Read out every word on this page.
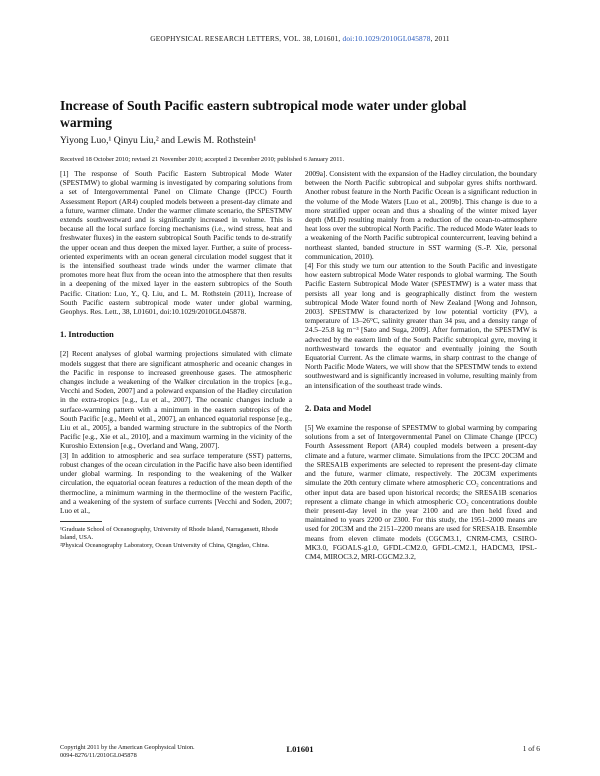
GEOPHYSICAL RESEARCH LETTERS, VOL. 38, L01601, doi:10.1029/2010GL045878, 2011
Increase of South Pacific eastern subtropical mode water under global warming
Yiyong Luo,¹ Qinyu Liu,² and Lewis M. Rothstein¹
Received 18 October 2010; revised 21 November 2010; accepted 2 December 2010; published 6 January 2011.

[1] The response of South Pacific Eastern Subtropical Mode Water (SPESTMW) to global warming is investigated by comparing solutions from a set of Intergovernmental Panel on Climate Change (IPCC) Fourth Assessment Report (AR4) coupled models between a present-day climate and a future, warmer climate. Under the warmer climate scenario, the SPESTMW extends southwestward and is significantly increased in volume. This is because all the local surface forcing mechanisms (i.e., wind stress, heat and freshwater fluxes) in the eastern subtropical South Pacific tends to de-stratify the upper ocean and thus deepen the mixed layer. Further, a suite of process-oriented experiments with an ocean general circulation model suggest that it is the intensified southeast trade winds under the warmer climate that promotes more heat flux from the ocean into the atmosphere that then results in a deepening of the mixed layer in the eastern subtropics of the South Pacific. Citation: Luo, Y., Q. Liu, and L. M. Rothstein (2011), Increase of South Pacific eastern subtropical mode water under global warming, Geophys. Res. Lett., 38, L01601, doi:10.1029/2010GL045878.

1. Introduction

[2] Recent analyses of global warming projections simulated with climate models suggest that there are significant atmospheric and oceanic changes in the Pacific in response to increased greenhouse gases. The atmospheric changes include a weakening of the Walker circulation in the tropics [e.g., Vecchi and Soden, 2007] and a poleward expansion of the Hadley circulation in the extra-tropics [e.g., Lu et al., 2007]. The oceanic changes include a surface-warming pattern with a minimum in the eastern subtropics of the South Pacific [e.g., Meehl et al., 2007], an enhanced equatorial response [e.g., Liu et al., 2005], a banded warming structure in the subtropics of the North Pacific [e.g., Xie et al., 2010], and a maximum warming in the vicinity of the Kuroshio Extension [e.g., Overland and Wang, 2007].

[3] In addition to atmospheric and sea surface temperature (SST) patterns, robust changes of the ocean circulation in the Pacific have also been identified under global warming. In responding to the weakening of the Walker circulation, the equatorial ocean features a reduction of the mean depth of the thermocline, a minimum warming in the thermocline of the western Pacific, and a weakening of the system of surface currents [Vecchi and Soden, 2007; Luo et al.,

¹Graduate School of Oceanography, University of Rhode Island, Narragansett, Rhode Island, USA.
²Physical Oceanography Laboratory, Ocean University of China, Qingdao, China.

2009a]. Consistent with the expansion of the Hadley circulation, the boundary between the North Pacific subtropical and subpolar gyres shifts northward. Another robust feature in the North Pacific Ocean is a significant reduction in the volume of the Mode Waters [Luo et al., 2009b]. This change is due to a more stratified upper ocean and thus a shoaling of the winter mixed layer depth (MLD) resulting mainly from a reduction of the ocean-to-atmosphere heat loss over the subtropical North Pacific. The reduced Mode Water leads to a weakening of the North Pacific subtropical countercurrent, leaving behind a northeast slanted, banded structure in SST warming (S.-P. Xie, personal communication, 2010).

[4] For this study we turn our attention to the South Pacific and investigate how eastern subtropical Mode Water responds to global warming. The South Pacific Eastern Subtropical Mode Water (SPESTMW) is a water mass that persists all year long and is geographically distinct from the western subtropical Mode Water found north of New Zealand [Wong and Johnson, 2003]. SPESTMW is characterized by low potential vorticity (PV), a temperature of 13–26°C, salinity greater than 34 psu, and a density range of 24.5–25.8 kg m⁻³ [Sato and Suga, 2009]. After formation, the SPESTMW is advected by the eastern limb of the South Pacific subtropical gyre, moving it northwestward towards the equator and eventually joining the South Equatorial Current. As the climate warms, in sharp contrast to the change of North Pacific Mode Waters, we will show that the SPESTMW tends to extend southwestward and is significantly increased in volume, resulting mainly from an intensification of the southeast trade winds.

2. Data and Model

[5] We examine the response of SPESTMW to global warming by comparing solutions from a set of Intergovernmental Panel on Climate Change (IPCC) Fourth Assessment Report (AR4) coupled models between a present-day climate and a future, warmer climate. Simulations from the IPCC 20C3M and the SRESA1B experiments are selected to represent the present-day climate and the future, warmer climate, respectively. The 20C3M experiments simulate the 20th century climate where atmospheric CO₂ concentrations and other input data are based upon historical records; the SRESA1B scenarios represent a climate change in which atmospheric CO₂ concentrations double their present-day level in the year 2100 and are then held fixed and maintained to years 2200 or 2300. For this study, the 1951–2000 means are used for 20C3M and the 2151–2200 means are used for SRESA1B. Ensemble means from eleven climate models (CGCM3.1, CNRM-CM3, CSIRO-MK3.0, FGOALS-g1.0, GFDL-CM2.0, GFDL-CM2.1, HADCM3, IPSL-CM4, MIROC3.2, MRI-CGCM2.3.2,

Copyright 2011 by the American Geophysical Union.
0094-8276/11/2010GL045878
L01601	1 of 6
